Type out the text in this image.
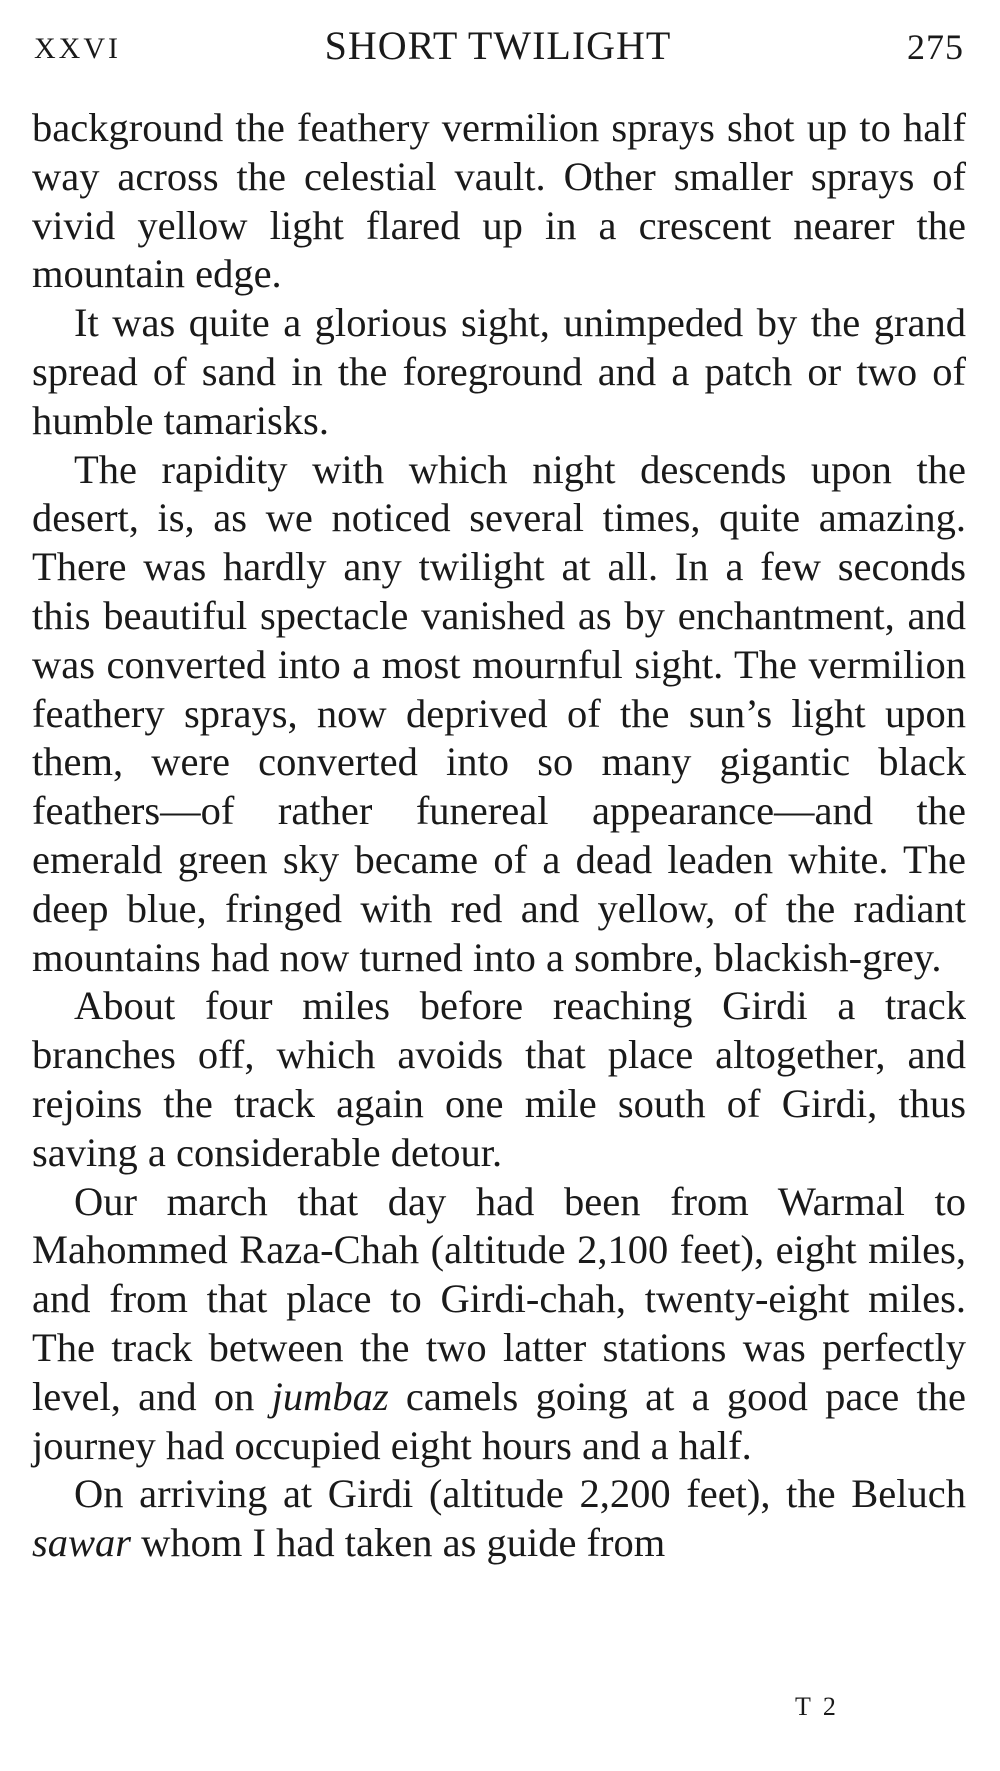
XXVI	SHORT TWILIGHT	275

background the feathery vermilion sprays shot up to half way across the celestial vault. Other smaller sprays of vivid yellow light flared up in a crescent nearer the mountain edge.

It was quite a glorious sight, unimpeded by the grand spread of sand in the foreground and a patch or two of humble tamarisks.

The rapidity with which night descends upon the desert, is, as we noticed several times, quite amazing. There was hardly any twilight at all. In a few seconds this beautiful spectacle vanished as by enchantment, and was converted into a most mournful sight. The vermilion feathery sprays, now deprived of the sun’s light upon them, were converted into so many gigantic black feathers—of rather funereal appearance—and the emerald green sky became of a dead leaden white. The deep blue, fringed with red and yellow, of the radiant mountains had now turned into a sombre, blackish-grey.

About four miles before reaching Girdi a track branches off, which avoids that place altogether, and rejoins the track again one mile south of Girdi, thus saving a considerable detour.

Our march that day had been from Warmal to Mahommed Raza-Chah (altitude 2,100 feet), eight miles, and from that place to Girdi-chah, twenty-eight miles. The track between the two latter stations was perfectly level, and on jumbaz camels going at a good pace the journey had occupied eight hours and a half.

On arriving at Girdi (altitude 2,200 feet), the Beluch sawar whom I had taken as guide from

T 2
